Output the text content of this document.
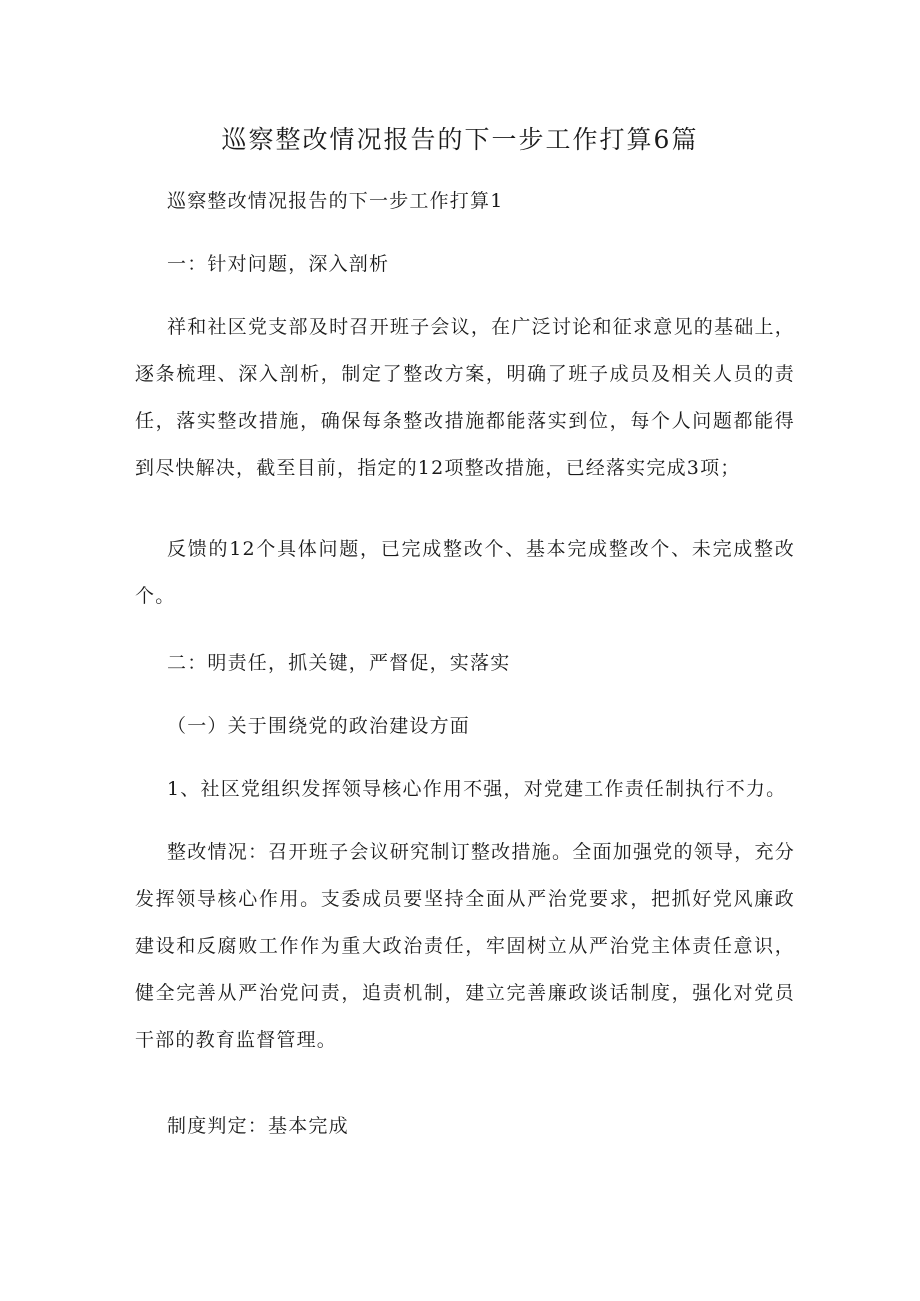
巡察整改情况报告的下一步工作打算6篇

巡察整改情况报告的下一步工作打算1

一：针对问题，深入剖析

祥和社区党支部及时召开班子会议，在广泛讨论和征求意见的基础上，逐条梳理、深入剖析，制定了整改方案，明确了班子成员及相关人员的责任，落实整改措施，确保每条整改措施都能落实到位，每个人问题都能得到尽快解决，截至目前，指定的12项整改措施，已经落实完成3项；

反馈的12个具体问题，已完成整改个、基本完成整改个、未完成整改个。

二：明责任，抓关键，严督促，实落实

（一）关于围绕党的政治建设方面

1、社区党组织发挥领导核心作用不强，对党建工作责任制执行不力。

整改情况：召开班子会议研究制订整改措施。全面加强党的领导，充分发挥领导核心作用。支委成员要坚持全面从严治党要求，把抓好党风廉政建设和反腐败工作作为重大政治责任，牢固树立从严治党主体责任意识，健全完善从严治党问责，追责机制，建立完善廉政谈话制度，强化对党员干部的教育监督管理。

制度判定：基本完成
